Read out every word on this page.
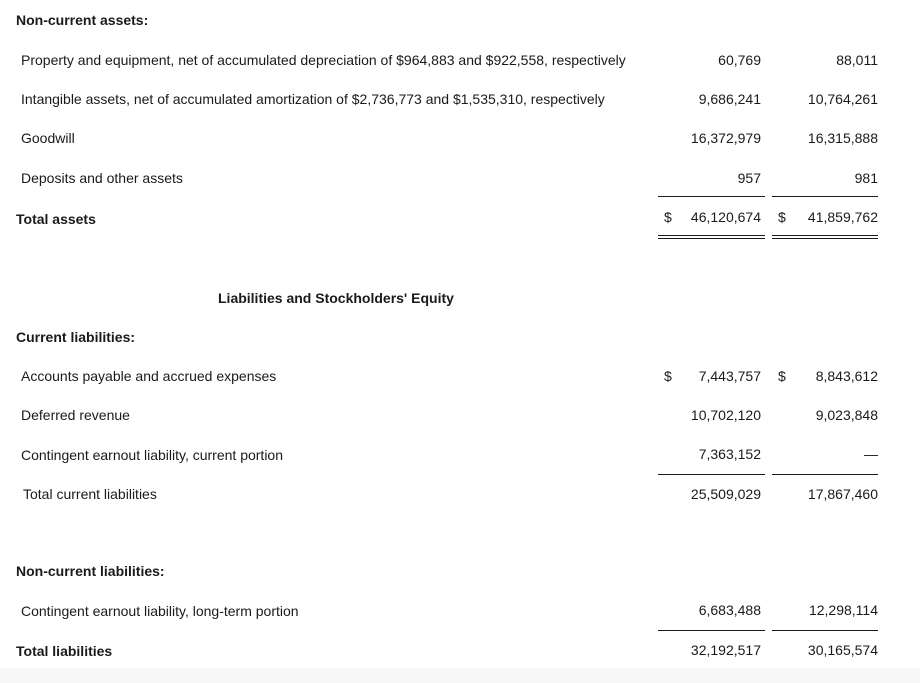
Non-current assets:
Property and equipment, net of accumulated depreciation of $964,883 and $922,558, respectively	60,769	88,011
Intangible assets, net of accumulated amortization of $2,736,773 and $1,535,310, respectively	9,686,241	10,764,261
Goodwill	16,372,979	16,315,888
Deposits and other assets	957	981
Total assets	$ 46,120,674 $ 41,859,762
Liabilities and Stockholders' Equity
Current liabilities:
Accounts payable and accrued expenses	$ 7,443,757 $ 8,843,612
Deferred revenue	10,702,120	9,023,848
Contingent earnout liability, current portion	7,363,152	—
Total current liabilities	25,509,029	17,867,460
Non-current liabilities:
Contingent earnout liability, long-term portion	6,683,488	12,298,114
Total liabilities	32,192,517	30,165,574
